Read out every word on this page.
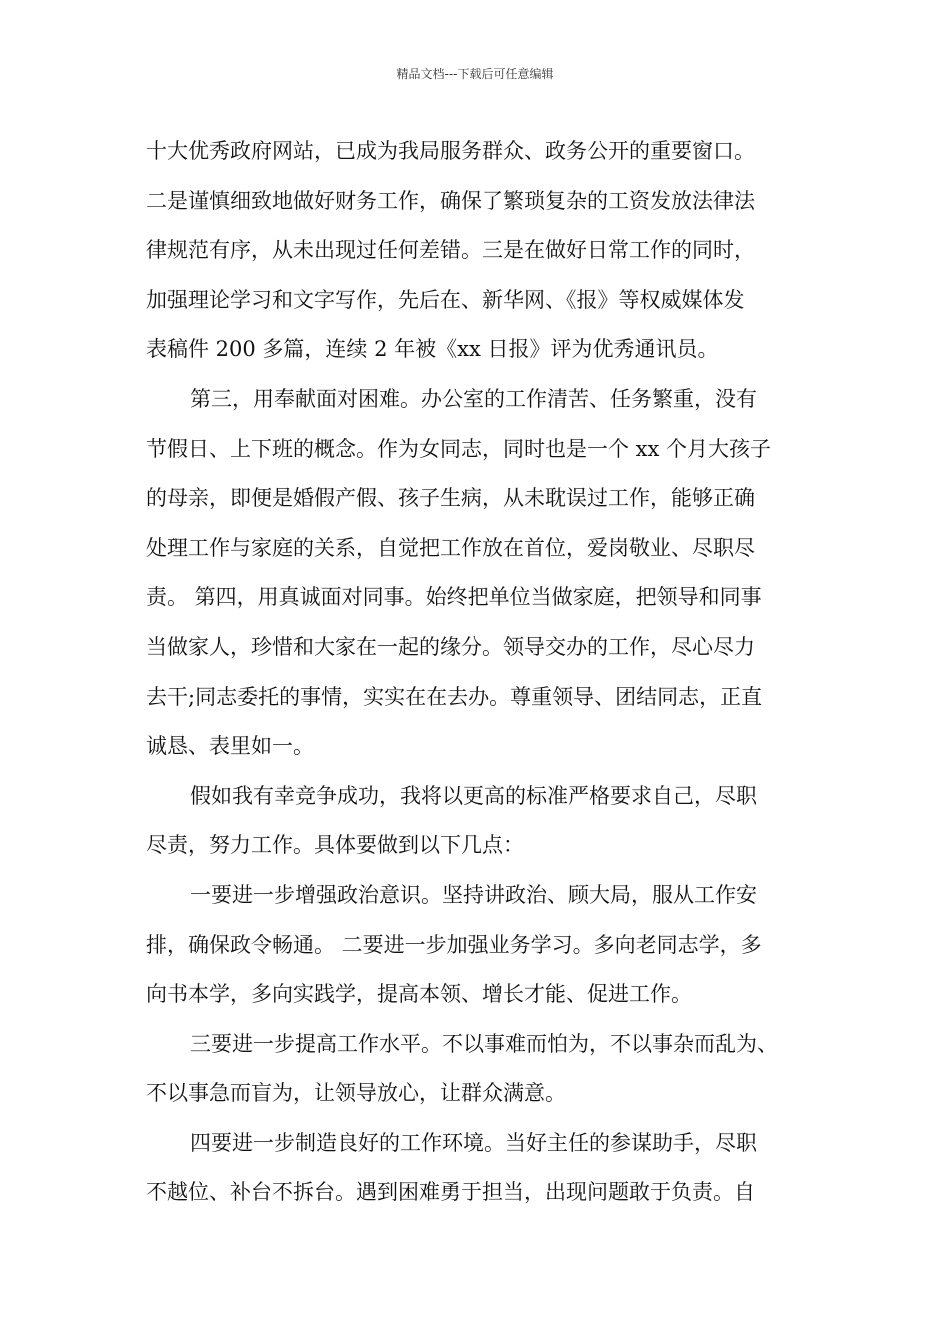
精品文档---下载后可任意编辑
十大优秀政府网站，已成为我局服务群众、政务公开的重要窗口。
二是谨慎细致地做好财务工作，确保了繁琐复杂的工资发放法律法
律规范有序，从未出现过任何差错。三是在做好日常工作的同时，
加强理论学习和文字写作，先后在、新华网、《报》等权威媒体发
表稿件 200 多篇，连续 2 年被《xx 日报》评为优秀通讯员。
第三，用奉献面对困难。办公室的工作清苦、任务繁重，没有
节假日、上下班的概念。作为女同志，同时也是一个 xx 个月大孩子
的母亲，即便是婚假产假、孩子生病，从未耽误过工作，能够正确
处理工作与家庭的关系，自觉把工作放在首位，爱岗敬业、尽职尽
责。 第四，用真诚面对同事。始终把单位当做家庭，把领导和同事
当做家人，珍惜和大家在一起的缘分。领导交办的工作，尽心尽力
去干;同志委托的事情，实实在在去办。尊重领导、团结同志，正直
诚恳、表里如一。
假如我有幸竞争成功，我将以更高的标准严格要求自己，尽职
尽责，努力工作。具体要做到以下几点：
一要进一步增强政治意识。坚持讲政治、顾大局，服从工作安
排，确保政令畅通。 二要进一步加强业务学习。多向老同志学，多
向书本学，多向实践学，提高本领、增长才能、促进工作。
三要进一步提高工作水平。不以事难而怕为，不以事杂而乱为、
不以事急而盲为，让领导放心，让群众满意。
四要进一步制造良好的工作环境。当好主任的参谋助手，尽职
不越位、补台不拆台。遇到困难勇于担当，出现问题敢于负责。自
